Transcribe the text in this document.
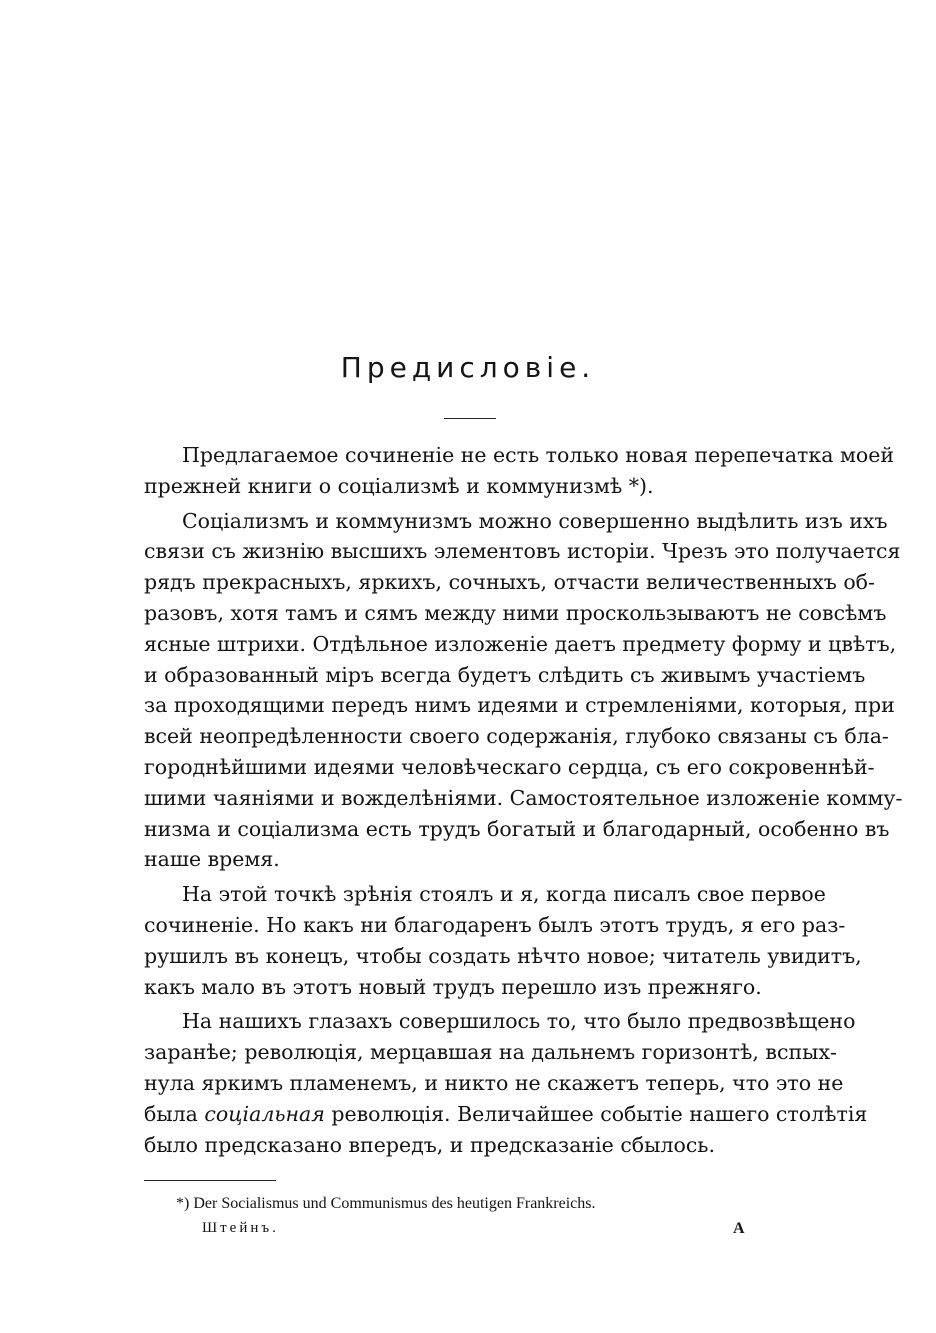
Предисловіе.

Предлагаемое сочиненіе не есть только новая перепечатка моей
прежней книги о соціализмѣ и коммунизмѣ *).

Соціализмъ и коммунизмъ можно совершенно выдѣлить изъ ихъ
связи съ жизнію высшихъ элементовъ исторіи. Чрезъ это получается
рядъ прекрасныхъ, яркихъ, сочныхъ, отчасти величественныхъ об-
разовъ, хотя тамъ и сямъ между ними проскользываютъ не совсѣмъ
ясные штрихи. Отдѣльное изложеніе даетъ предмету форму и цвѣтъ,
и образованный міръ всегда будетъ слѣдить съ живымъ участіемъ
за проходящими передъ нимъ идеями и стремленіями, которыя, при
всей неопредѣленности своего содержанія, глубоко связаны съ бла-
городнѣйшими идеями человѣческаго сердца, съ его сокровеннѣй-
шими чаяніями и вожделѣніями. Самостоятельное изложеніе комму-
низма и соціализма есть трудъ богатый и благодарный, особенно въ
наше время.

На этой точкѣ зрѣнія стоялъ и я, когда писалъ свое первое
сочиненіе. Но какъ ни благодаренъ былъ этотъ трудъ, я его раз-
рушилъ въ конецъ, чтобы создать нѣчто новое; читатель увидитъ,
какъ мало въ этотъ новый трудъ перешло изъ прежняго.

На нашихъ глазахъ совершилось то, что было предвозвѣщено
заранѣе; революція, мерцавшая на дальнемъ горизонтѣ, вспых-
нула яркимъ пламенемъ, и никто не скажетъ теперь, что это не
была соціальная революція. Величайшее событіе нашего столѣтія
было предсказано впередъ, и предсказаніе сбылось.

*) Der Socialismus und Communismus des heutigen Frankreichs.
Штейнъ.	A
